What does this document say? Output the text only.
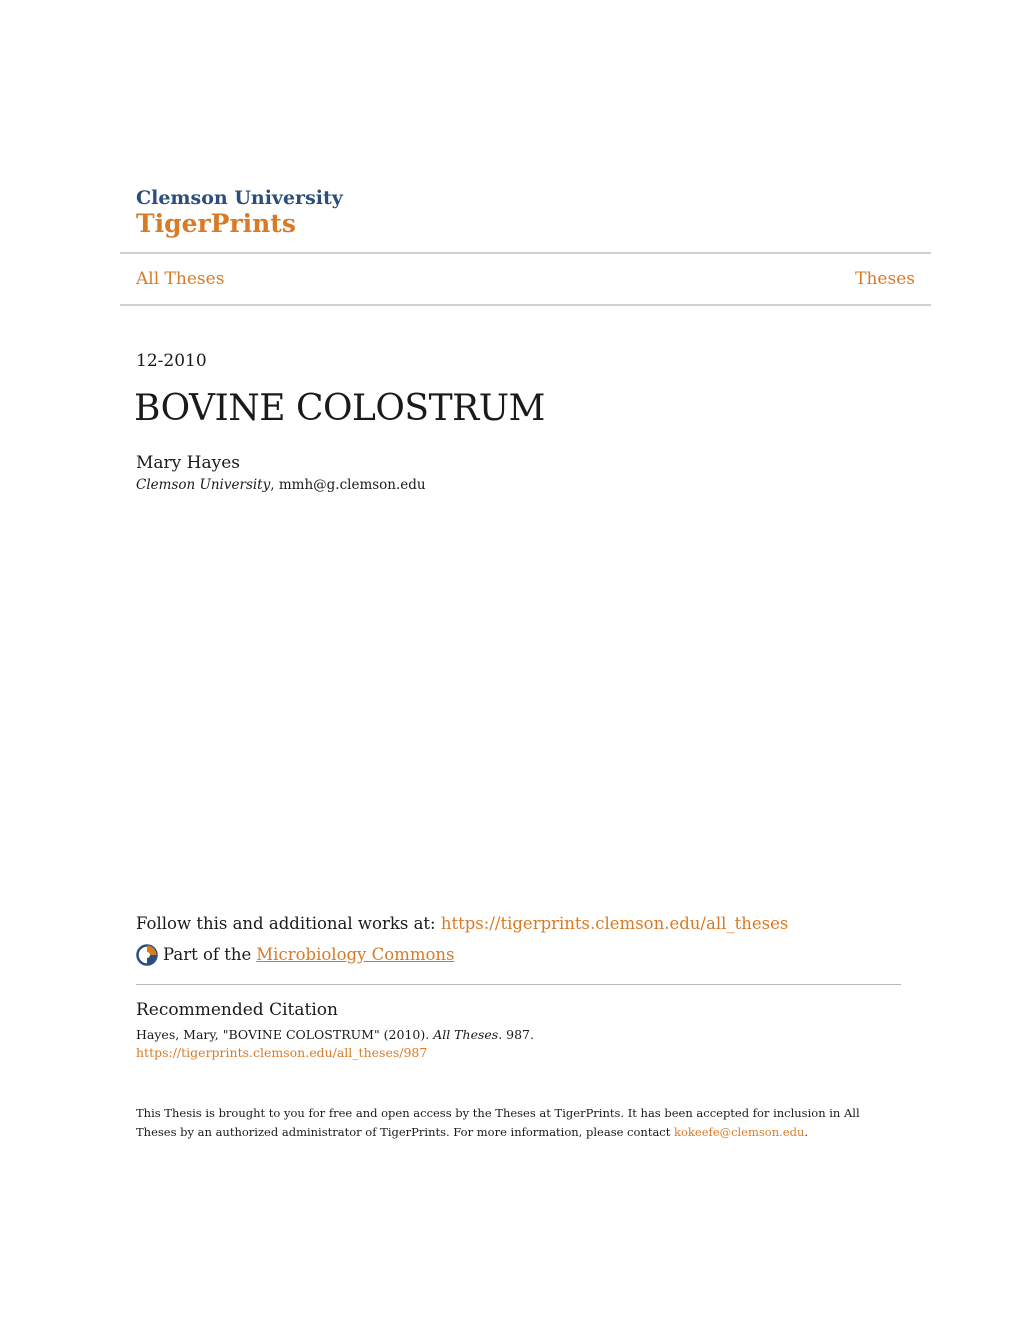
Clemson University
TigerPrints
All Theses	Theses
12-2010
BOVINE COLOSTRUM
Mary Hayes
Clemson University, mmh@g.clemson.edu
Follow this and additional works at: https://tigerprints.clemson.edu/all_theses
Part of the Microbiology Commons
Recommended Citation
Hayes, Mary, "BOVINE COLOSTRUM" (2010). All Theses. 987.
https://tigerprints.clemson.edu/all_theses/987
This Thesis is brought to you for free and open access by the Theses at TigerPrints. It has been accepted for inclusion in All Theses by an authorized administrator of TigerPrints. For more information, please contact kokeefe@clemson.edu.
